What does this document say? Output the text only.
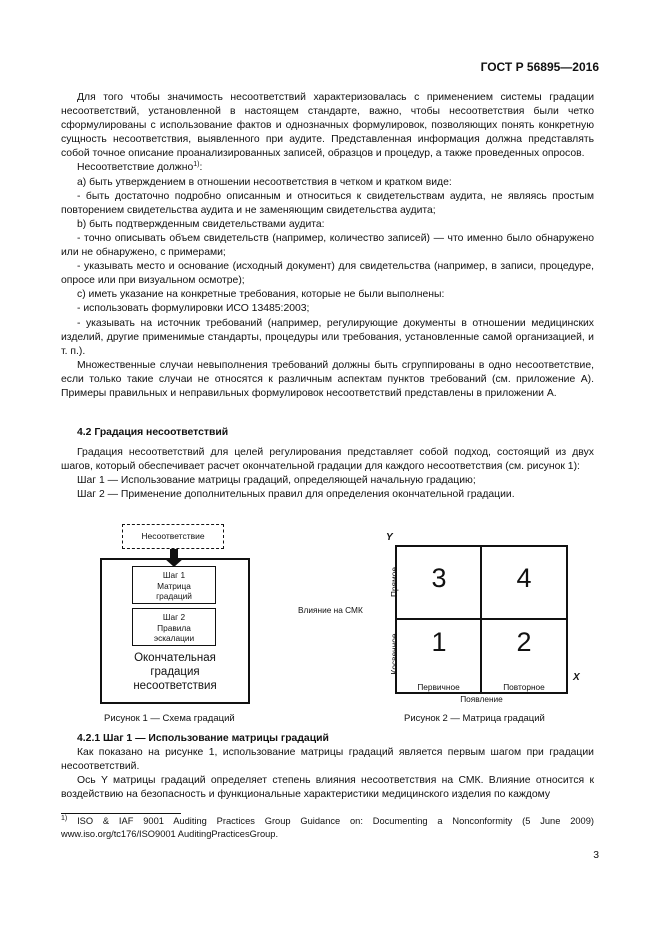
ГОСТ Р 56895—2016

Для того чтобы значимость несоответствий характеризовалась с применением системы градации несоответствий, установленной в настоящем стандарте, важно, чтобы несоответствия были четко сформулированы с использование фактов и однозначных формулировок, позволяющих понять конкретную сущность несоответствия, выявленного при аудите. Представленная информация должна представлять собой точное описание проанализированных записей, образцов и процедур, а также проведенных опросов.

Несоответствие должно$^{1)}$:

а) быть утверждением в отношении несоответствия в четком и кратком виде:

- быть достаточно подробно описанным и относиться к свидетельствам аудита, не являясь простым повторением свидетельства аудита и не заменяющим свидетельства аудита;

b) быть подтвержденным свидетельствами аудита:

- точно описывать объем свидетельств (например, количество записей) — что именно было обнаружено или не обнаружено, с примерами;

- указывать место и основание (исходный документ) для свидетельства (например, в записи, процедуре, опросе или при визуальном осмотре);

с) иметь указание на конкретные требования, которые не были выполнены:

- использовать формулировки ИСО 13485:2003;

- указывать на источник требований (например, регулирующие документы в отношении медицинских изделий, другие применимые стандарты, процедуры или требования, установленные самой организацией, и т. п.).

Множественные случаи невыполнения требований должны быть сгруппированы в одно несоответствие, если только такие случаи не относятся к различным аспектам пунктов требований (см. приложение А). Примеры правильных и неправильных формулировок несоответствий представлены в приложении А.

4.2 Градация несоответствий

Градация несоответствий для целей регулирования представляет собой подход, состоящий из двух шагов, который обеспечивает расчет окончательной градации для каждого несоответствия (см. рисунок 1):

Шаг 1 — Использование матрицы градаций, определяющей начальную градацию;

Шаг 2 — Применение дополнительных правил для определения окончательной градации.

Несоответствие
Шаг 1
Матрица
градаций
Шаг 2
Правила
эскалации
Окончательная
градация
несоответствия
Рисунок 1 — Схема градаций
Y
X
Влияние на СМК
Прямое
Косвенное
3	4
1	2
Первичное	Повторное
Появление
Рисунок 2 — Матрица градаций

4.2.1 Шаг 1 — Использование матрицы градаций

Как показано на рисунке 1, использование матрицы градаций является первым шагом при градации несоответствий.

Ось Y матрицы градаций определяет степень влияния несоответствия на СМК. Влияние относится к воздействию на безопасность и функциональные характеристики медицинского изделия по каждому

$^{1)}$ ISO & IAF 9001 Auditing Practices Group Guidance on: Documenting a Nonconformity (5 June 2009) www.iso.org/tc176/ISO9001 AuditingPracticesGroup.
3
